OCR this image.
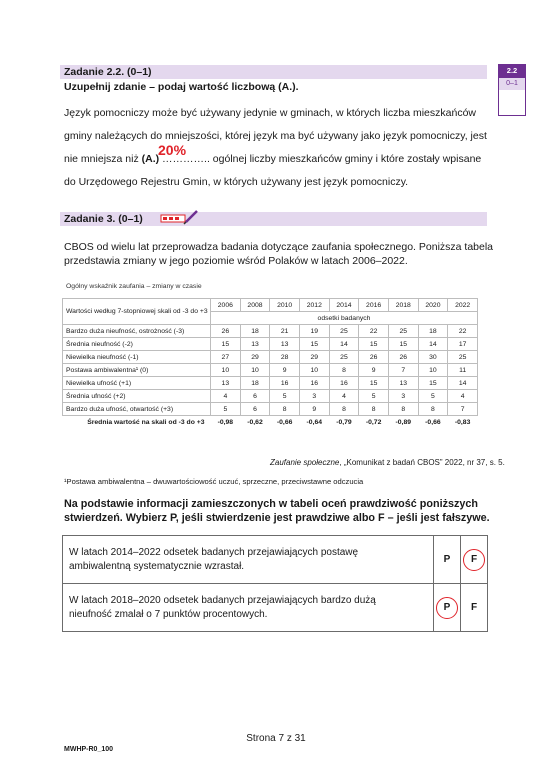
2.2
0–1
Zadanie 2.2. (0–1)
Uzupełnij zdanie – podaj wartość liczbową (A.).
Język pomocniczy może być używany jedynie w gminach, w których liczba mieszkańców
gminy należących do mniejszości, której język ma być używany jako język pomocniczy, jest
20%
nie mniejsza niż (A.) ………….. ogólnej liczby mieszkańców gminy i które zostały wpisane
do Urzędowego Rejestru Gmin, w których używany jest język pomocniczy.
Zadanie 3. (0–1)
CBOS od wielu lat przeprowadza badania dotyczące zaufania społecznego. Poniższa tabela
przedstawia zmiany w jego poziomie wśród Polaków w latach 2006–2022.
Ogólny wskaźnik zaufania – zmiany w czasie
Wartości według 7-stopniowej skali od -3 do +3	2006	2008	2010	2012	2014	2016	2018	2020	2022
	odsetki badanych								
Bardzo duża nieufność, ostrożność (-3)	26	18	21	19	25	22	25	18	22
Średnia nieufność (-2)	15	13	13	15	14	15	15	14	17
Niewielka nieufność (-1)	27	29	28	29	25	26	26	30	25
Postawa ambiwalentna¹ (0)	10	10	9	10	8	9	7	10	11
Niewielka ufność (+1)	13	18	16	16	16	15	13	15	14
Średnia ufność (+2)	4	6	5	3	4	5	3	5	4
Bardzo duża ufność, otwartość (+3)	5	6	8	9	8	8	8	8	7
Średnia wartość na skali od -3 do +3	-0,98	-0,62	-0,66	-0,64	-0,79	-0,72	-0,89	-0,66	-0,83
Zaufanie społeczne, „Komunikat z badań CBOS” 2022, nr 37, s. 5.
¹Postawa ambiwalentna – dwuwartościowość uczuć, sprzeczne, przeciwstawne odczucia
Na podstawie informacji zamieszczonych w tabeli oceń prawdziwość poniższych
stwierdzeń. Wybierz P, jeśli stwierdzenie jest prawdziwe albo F – jeśli jest fałszywe.
W latach 2014–2022 odsetek badanych przejawiających postawę
ambiwalentną systematycznie wzrastał.	P	F

W latach 2018–2020 odsetek badanych przejawiających bardzo dużą
nieufność zmalał o 7 punktów procentowych.	P	F
Strona 7 z 31
MWHP-R0_100
